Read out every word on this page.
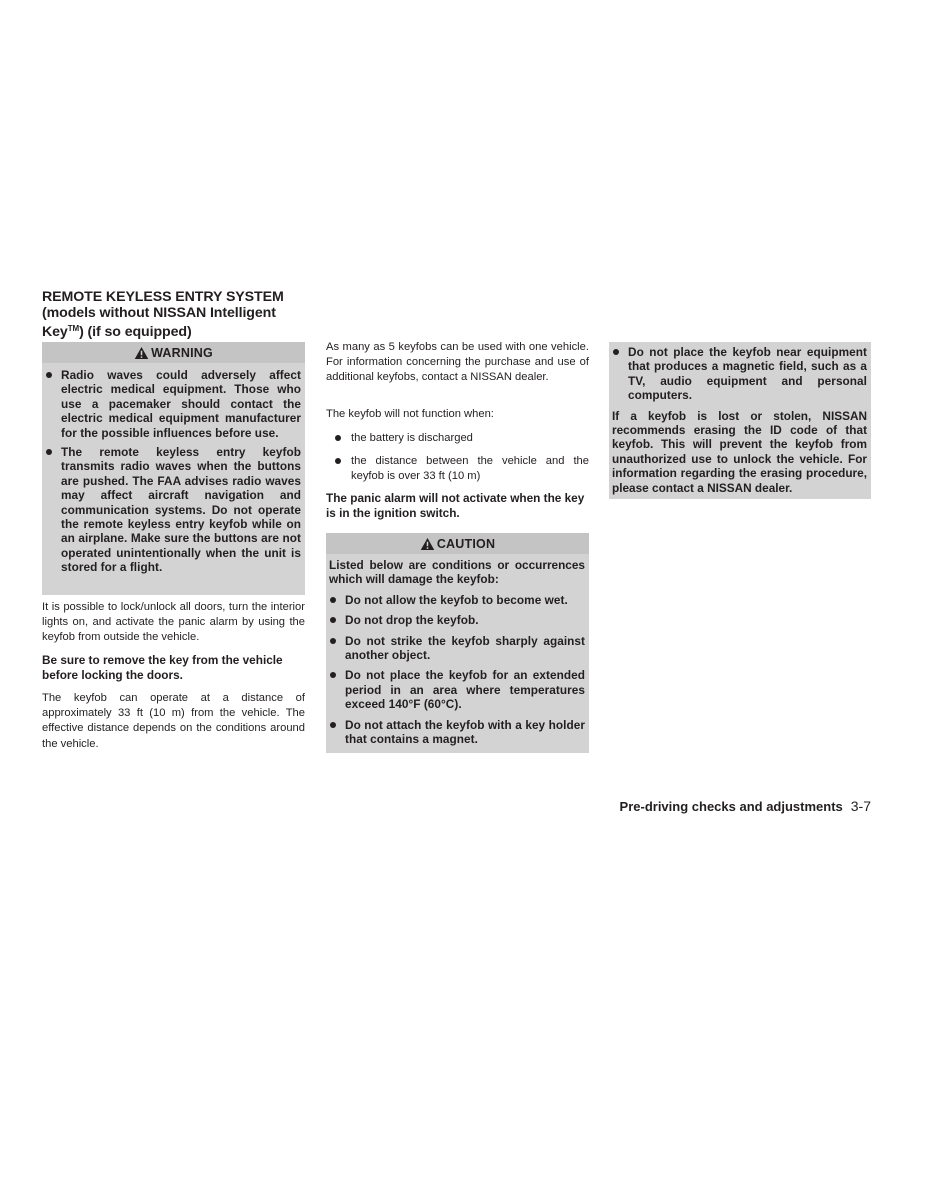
REMOTE KEYLESS ENTRY SYSTEM
(models without NISSAN Intelligent
Key™) (if so equipped)
WARNING
Radio waves could adversely affect electric medical equipment. Those who use a pacemaker should contact the electric medical equipment manufacturer for the possible influences before use.
The remote keyless entry keyfob transmits radio waves when the buttons are pushed. The FAA advises radio waves may affect aircraft navigation and communication systems. Do not operate the remote keyless entry keyfob while on an airplane. Make sure the buttons are not operated unintentionally when the unit is stored for a flight.

It is possible to lock/unlock all doors, turn the interior lights on, and activate the panic alarm by using the keyfob from outside the vehicle.

Be sure to remove the key from the vehicle before locking the doors.

The keyfob can operate at a distance of approximately 33 ft (10 m) from the vehicle. The effective distance depends on the conditions around the vehicle.

As many as 5 keyfobs can be used with one vehicle. For information concerning the purchase and use of additional keyfobs, contact a NISSAN dealer.

The keyfob will not function when:

the battery is discharged
the distance between the vehicle and the keyfob is over 33 ft (10 m)

The panic alarm will not activate when the key is in the ignition switch.

CAUTION
Listed below are conditions or occurrences which will damage the keyfob:
Do not allow the keyfob to become wet.
Do not drop the keyfob.
Do not strike the keyfob sharply against another object.
Do not place the keyfob for an extended period in an area where temperatures exceed 140°F (60°C).
Do not attach the keyfob with a key holder that contains a magnet.
Do not place the keyfob near equipment that produces a magnetic field, such as a TV, audio equipment and personal computers.
If a keyfob is lost or stolen, NISSAN recommends erasing the ID code of that keyfob. This will prevent the keyfob from unauthorized use to unlock the vehicle. For information regarding the erasing procedure, please contact a NISSAN dealer.
Pre-driving checks and adjustments 3-7
